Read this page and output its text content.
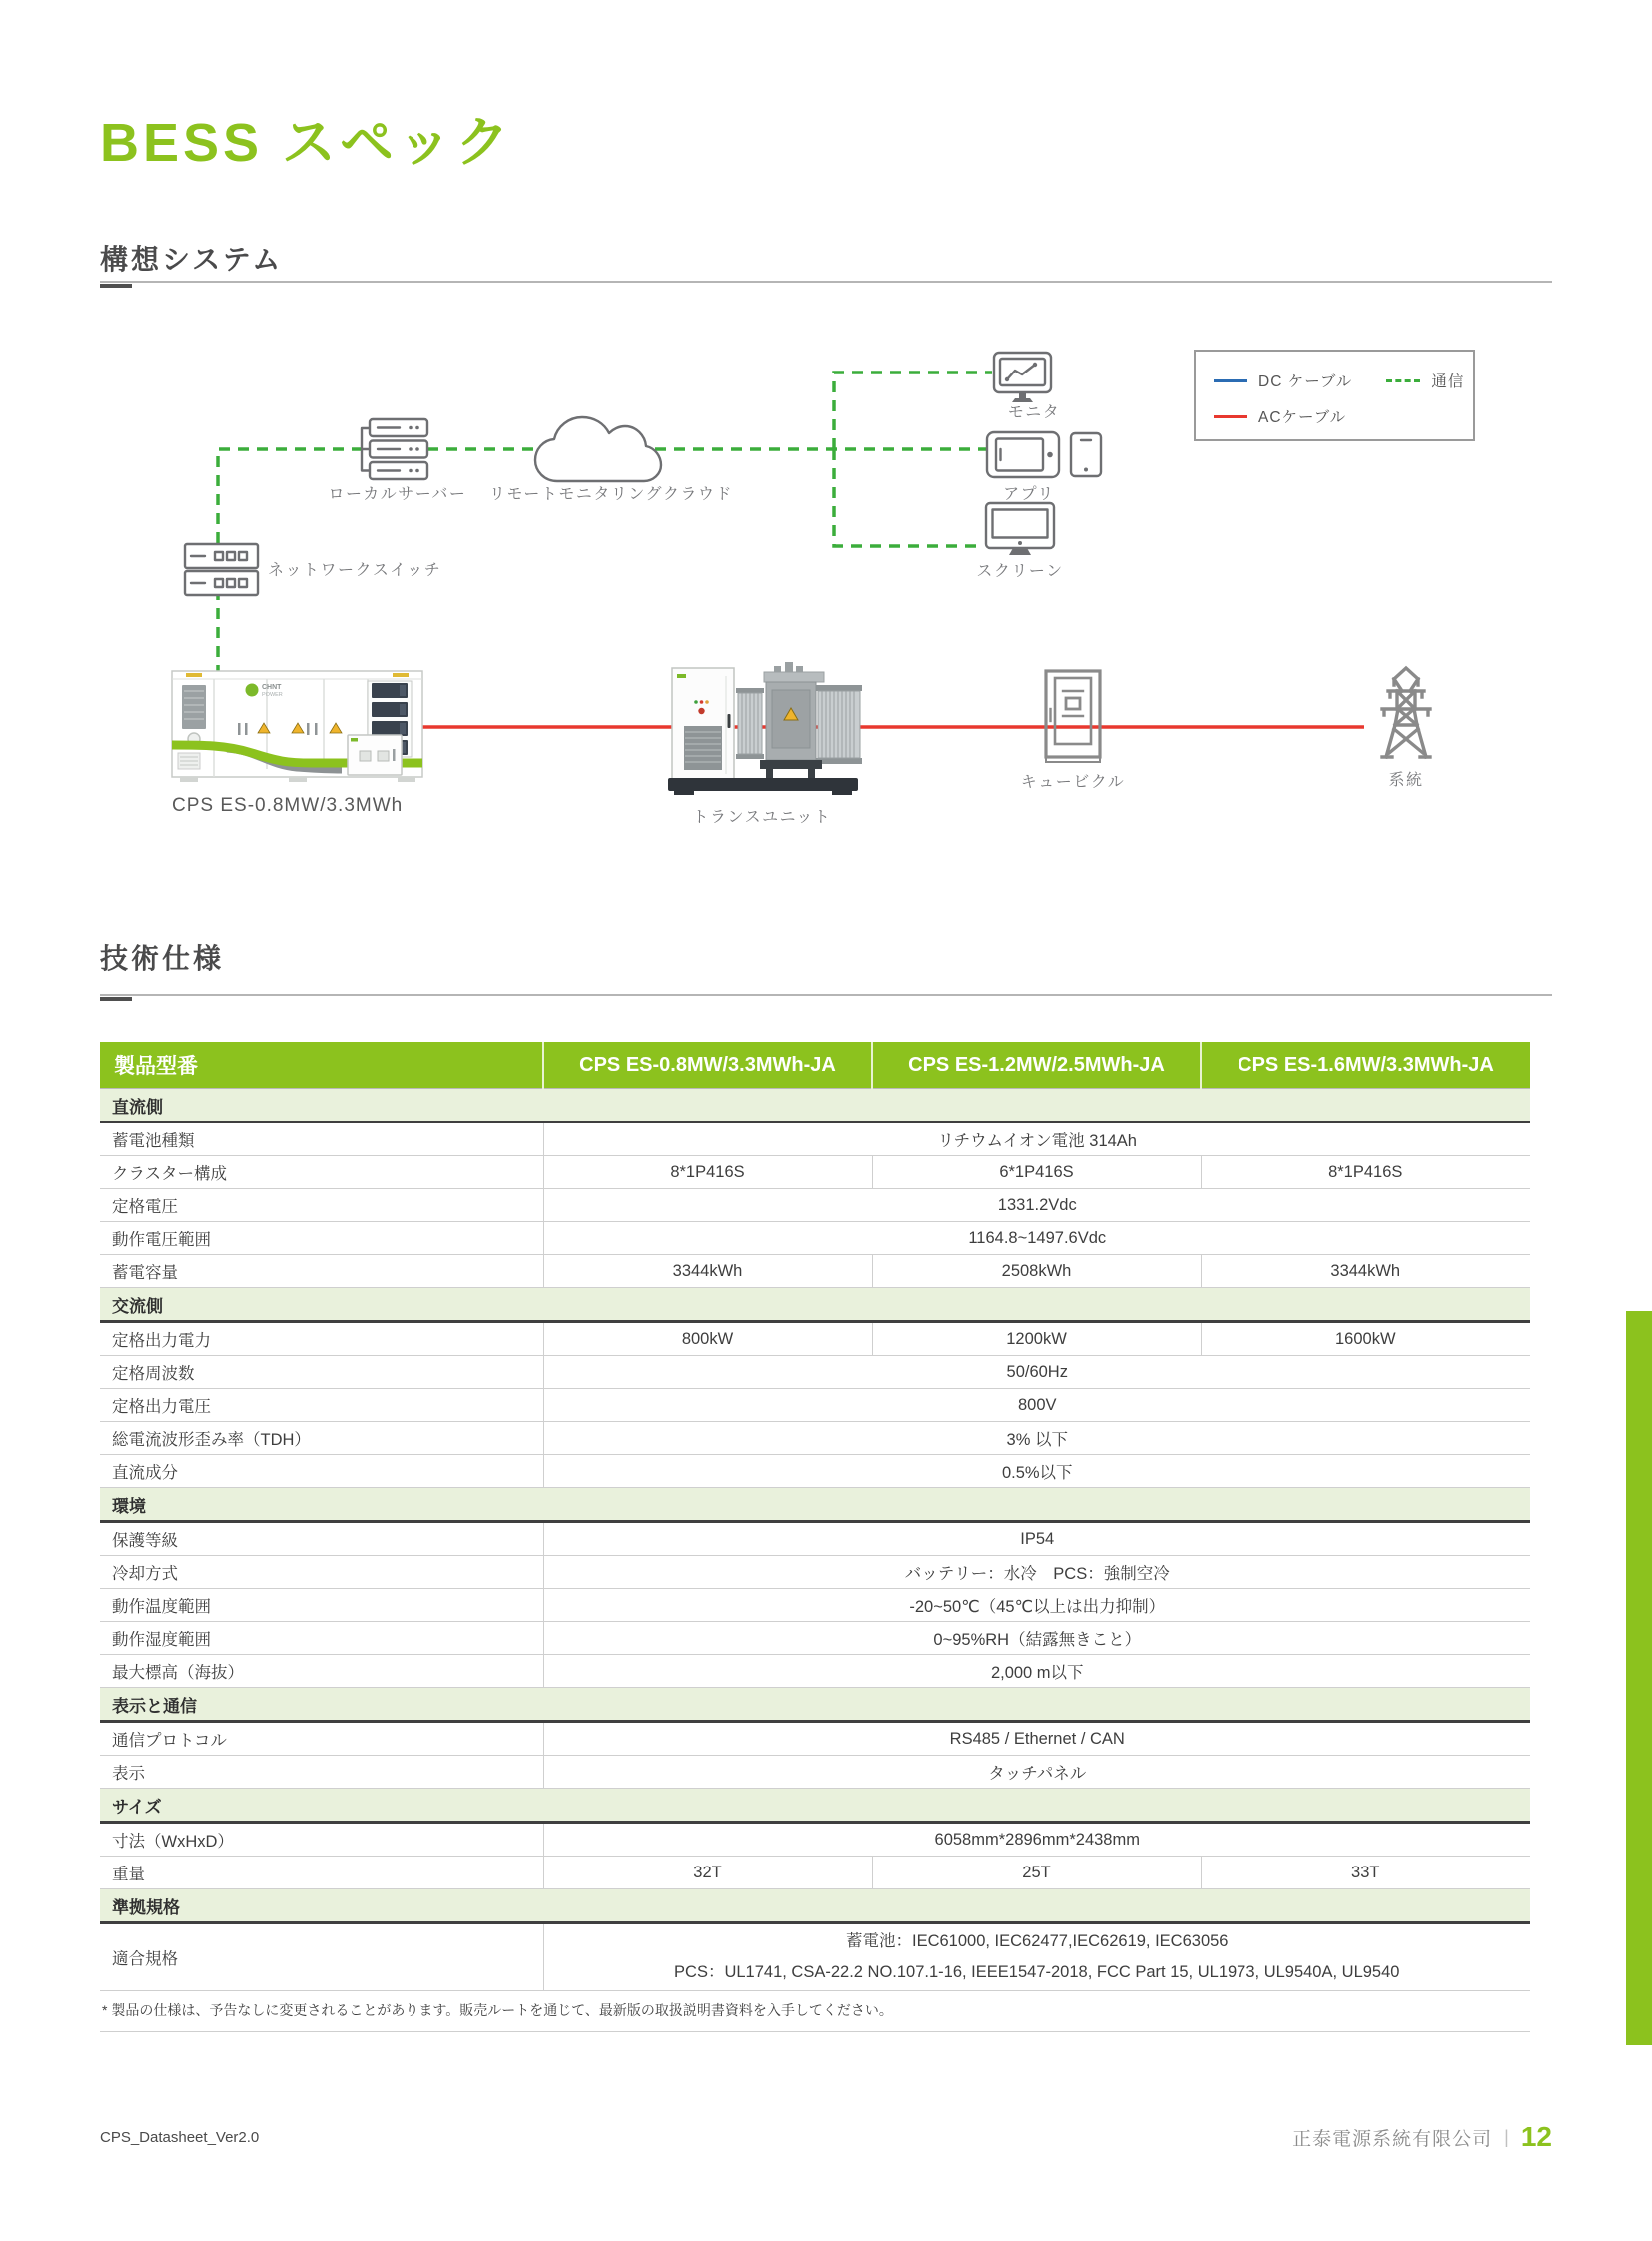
BESS スペック
構想システム
CHNT
POWER
ローカルサーバー リモートモニタリングクラウド
ネットワークスイッチ
モニタ
アプリ
スクリーン
CPS ES-0.8MW/3.3MWh
トランスユニット
キュービクル	系統
DC ケーブル	通信
ACケーブル
技術仕様
製品型番	CPS ES-0.8MW/3.3MWh-JA	CPS ES-1.2MW/2.5MWh-JA	CPS ES-1.6MW/3.3MWh-JA
直流側			
蓄電池種類	リチウムイオン電池 314Ah		
クラスター構成	8*1P416S	6*1P416S	8*1P416S
定格電圧	1331.2Vdc		
動作電圧範囲	1164.8~1497.6Vdc		
蓄電容量	3344kWh	2508kWh	3344kWh
交流側			
定格出力電力	800kW	1200kW	1600kW
定格周波数	50/60Hz		
定格出力電圧	800V		
総電流波形歪み率（TDH）	3% 以下		
直流成分	0.5%以下		
環境			
保護等級	IP54		
冷却方式	バッテリー：水冷　PCS：強制空冷		
動作温度範囲	-20~50℃（45℃以上は出力抑制）		
動作湿度範囲	0~95%RH（結露無きこと）		
最大標高（海抜）	2,000 m以下		
表示と通信			
通信プロトコル	RS485 / Ethernet / CAN		
表示	タッチパネル		
サイズ			
寸法（WxHxD）	6058mm*2896mm*2438mm		
重量	32T	25T	33T
準拠規格			
適合規格	蓄電池：IEC61000, IEC62477,IEC62619, IEC63056
PCS：UL1741, CSA-22.2 NO.107.1-16, IEEE1547-2018, FCC Part 15, UL1973, UL9540A, UL9540		
* 製品の仕様は、予告なしに変更されることがあります。販売ルートを通じて、最新版の取扱説明書資料を入手してください。
CPS_Datasheet_Ver2.0	正泰電源系統有限公司 | 12
